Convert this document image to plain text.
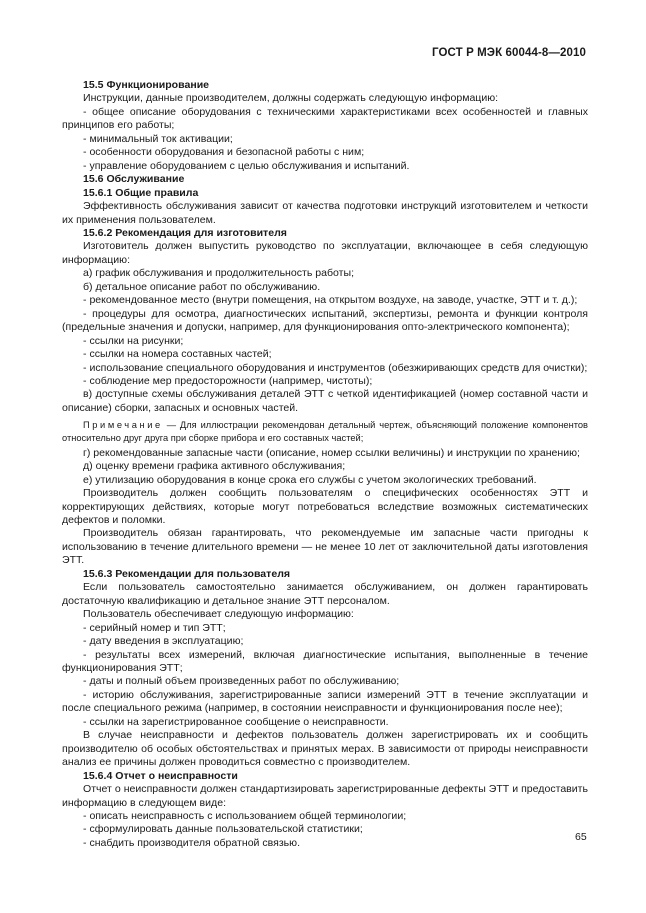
ГОСТ Р МЭК 60044-8—2010

15.5 Функционирование

Инструкции, данные производителем, должны содержать следующую информацию:

- общее описание оборудования с техническими характеристиками всех особенностей и главных принципов его работы;

- минимальный ток активации;

- особенности оборудования и безопасной работы с ним;

- управление оборудованием с целью обслуживания и испытаний.

15.6 Обслуживание

15.6.1 Общие правила

Эффективность обслуживания зависит от качества подготовки инструкций изготовителем и четкости их применения пользователем.

15.6.2 Рекомендация для изготовителя

Изготовитель должен выпустить руководство по эксплуатации, включающее в себя следующую информацию:

а) график обслуживания и продолжительность работы;

б) детальное описание работ по обслуживанию.

- рекомендованное место (внутри помещения, на открытом воздухе, на заводе, участке, ЭТТ и т. д.);

- процедуры для осмотра, диагностических испытаний, экспертизы, ремонта и функции контроля (предельные значения и допуски, например, для функционирования опто-электрического компонента);

- ссылки на рисунки;

- ссылки на номера составных частей;

- использование специального оборудования и инструментов (обезжиривающих средств для очистки);

- соблюдение мер предосторожности (например, чистоты);

в) доступные схемы обслуживания деталей ЭТТ с четкой идентификацией (номер составной части и описание) сборки, запасных и основных частей.

Примечание — Для иллюстрации рекомендован детальный чертеж, объясняющий положение компонентов относительно друг друга при сборке прибора и его составных частей;

г) рекомендованные запасные части (описание, номер ссылки величины) и инструкции по хранению;

д) оценку времени графика активного обслуживания;

е) утилизацию оборудования в конце срока его службы с учетом экологических требований.

Производитель должен сообщить пользователям о специфических особенностях ЭТТ и корректирующих действиях, которые могут потребоваться вследствие возможных систематических дефектов и поломки.

Производитель обязан гарантировать, что рекомендуемые им запасные части пригодны к использованию в течение длительного времени — не менее 10 лет от заключительной даты изготовления ЭТТ.

15.6.3 Рекомендации для пользователя

Если пользователь самостоятельно занимается обслуживанием, он должен гарантировать достаточную квалификацию и детальное знание ЭТТ персоналом.

Пользователь обеспечивает следующую информацию:

- серийный номер и тип ЭТТ;

- дату введения в эксплуатацию;

- результаты всех измерений, включая диагностические испытания, выполненные в течение функционирования ЭТТ;

- даты и полный объем произведенных работ по обслуживанию;

- историю обслуживания, зарегистрированные записи измерений ЭТТ в течение эксплуатации и после специального режима (например, в состоянии неисправности и функционирования после нее);

- ссылки на зарегистрированное сообщение о неисправности.

В случае неисправности и дефектов пользователь должен зарегистрировать их и сообщить производителю об особых обстоятельствах и принятых мерах. В зависимости от природы неисправности анализ ее причины должен проводиться совместно с производителем.

15.6.4 Отчет о неисправности

Отчет о неисправности должен стандартизировать зарегистрированные дефекты ЭТТ и предоставить информацию в следующем виде:

- описать неисправность с использованием общей терминологии;

- сформулировать данные пользовательской статистики;

- снабдить производителя обратной связью.	65
